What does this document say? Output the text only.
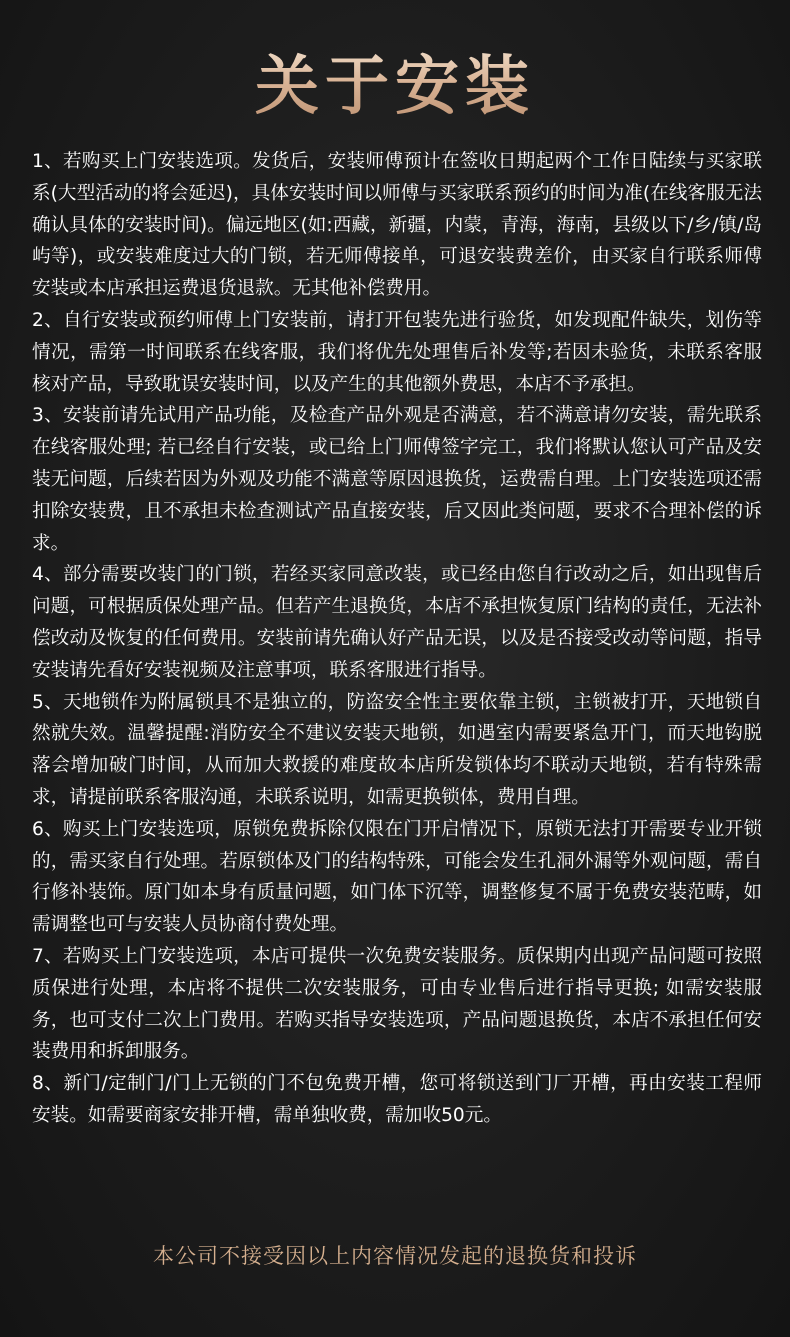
关于安装

1、若购买上门安装选项。发货后，安装师傅预计在签收日期起两个工作日陆续与买家联系(大型活动的将会延迟)，具体安装时间以师傅与买家联系预约的时间为准(在线客服无法确认具体的安装时间)。偏远地区(如:西藏，新疆，内蒙，青海，海南，县级以下/乡/镇/岛屿等)，或安装难度过大的门锁，若无师傅接单，可退安装费差价，由买家自行联系师傅安装或本店承担运费退货退款。无其他补偿费用。

2、自行安装或预约师傅上门安装前，请打开包装先进行验货，如发现配件缺失，划伤等情况，需第一时间联系在线客服，我们将优先处理售后补发等;若因未验货，未联系客服核对产品，导致耽误安装时间，以及产生的其他额外费思，本店不予承担。

3、安装前请先试用产品功能，及检查产品外观是否满意，若不满意请勿安装，需先联系在线客服处理; 若已经自行安装，或已给上门师傅签字完工，我们将默认您认可产品及安装无问题，后续若因为外观及功能不满意等原因退换货，运费需自理。上门安装选项还需扣除安装费，且不承担未检查测试产品直接安装，后又因此类问题，要求不合理补偿的诉求。

4、部分需要改装门的门锁，若经买家同意改装，或已经由您自行改动之后，如出现售后问题，可根据质保处理产品。但若产生退换货，本店不承担恢复原门结构的责任，无法补偿改动及恢复的任何费用。安装前请先确认好产品无误，以及是否接受改动等问题，指导安装请先看好安装视频及注意事项，联系客服进行指导。

5、天地锁作为附属锁具不是独立的，防盗安全性主要依靠主锁，主锁被打开，天地锁自然就失效。温馨提醒:消防安全不建议安装天地锁，如遇室内需要紧急开门，而天地钩脱落会增加破门时间，从而加大救援的难度故本店所发锁体均不联动天地锁，若有特殊需求，请提前联系客服沟通，未联系说明，如需更换锁体，费用自理。

6、购买上门安装选项，原锁免费拆除仅限在门开启情况下，原锁无法打开需要专业开锁的，需买家自行处理。若原锁体及门的结构特殊，可能会发生孔洞外漏等外观问题，需自行修补装饰。原门如本身有质量问题，如门体下沉等，调整修复不属于免费安装范畴，如需调整也可与安装人员协商付费处理。

7、若购买上门安装选项，本店可提供一次免费安装服务。质保期内出现产品问题可按照质保进行处理，本店将不提供二次安装服务，可由专业售后进行指导更换; 如需安装服务，也可支付二次上门费用。若购买指导安装选项，产品问题退换货，本店不承担任何安装费用和拆卸服务。

8、新门/定制门/门上无锁的门不包免费开槽，您可将锁送到门厂开槽，再由安装工程师安装。如需要商家安排开槽，需单独收费，需加收50元。

本公司不接受因以上内容情况发起的退换货和投诉
